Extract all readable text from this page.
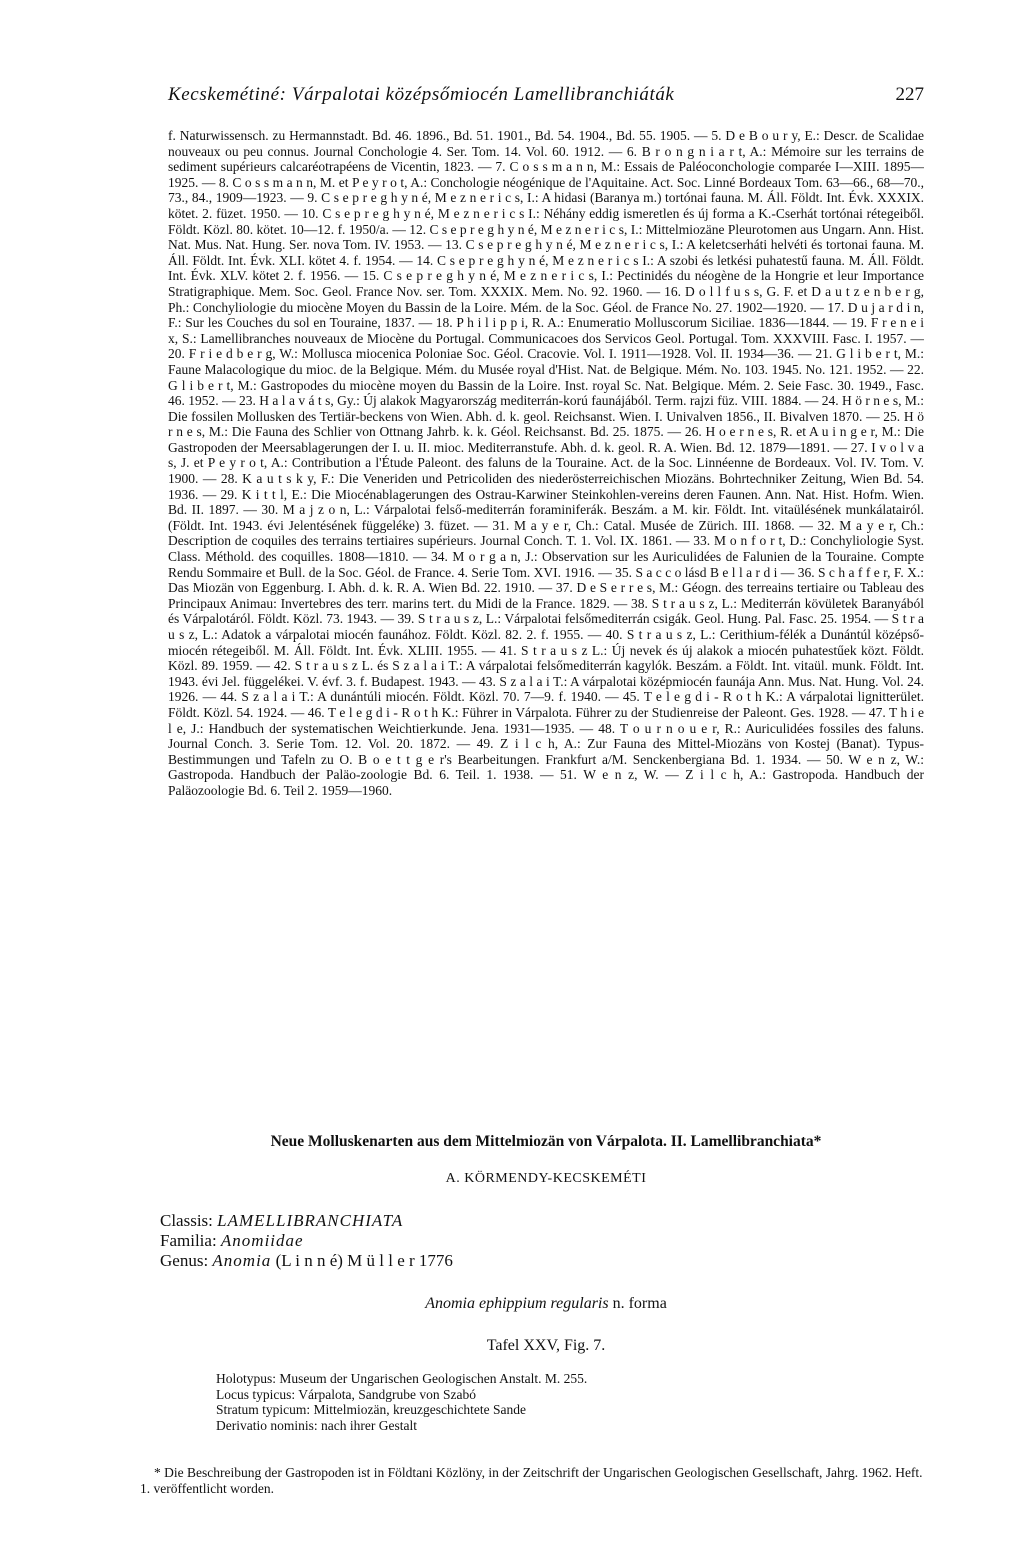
Kecskemétiné: Várpalotai középsőmiocén Lamellibranchiáták	227

f. Naturwissensch. zu Hermannstadt. Bd. 46. 1896., Bd. 51. 1901., Bd. 54. 1904., Bd. 55. 1905. — 5. D e B o u r y, E.: Descr. de Scalidae nouveaux ou peu connus. Journal Conchologie 4. Ser. Tom. 14. Vol. 60. 1912. — 6. B r o n g n i a r t, A.: Mémoire sur les terrains de sediment supérieurs calcaréotrapéens de Vicentin, 1823. — 7. C o s s m a n n, M.: Essais de Paléoconchologie comparée I—XIII. 1895—1925. — 8. C o s s m a n n, M. et P e y r o t, A.: Conchologie néogénique de l'Aquitaine. Act. Soc. Linné Bordeaux Tom. 63—66., 68—70., 73., 84., 1909—1923. — 9. C s e p r e g h y n é, M e z n e r i c s, I.: A hidasi (Baranya m.) tortónai fauna. M. Áll. Földt. Int. Évk. XXXIX. kötet. 2. füzet. 1950. — 10. C s e p r e g h y n é, M e z n e r i c s I.: Néhány eddig ismeretlen és új forma a K.-Cserhát tortónai rétegeiből. Földt. Közl. 80. kötet. 10—12. f. 1950/a. — 12. C s e p r e g h y n é, M e z n e r i c s, I.: Mittelmiozäne Pleurotomen aus Ungarn. Ann. Hist. Nat. Mus. Nat. Hung. Ser. nova Tom. IV. 1953. — 13. C s e p r e g h y n é, M e z n e r i c s, I.: A keletcserháti helvéti és tortonai fauna. M. Áll. Földt. Int. Évk. XLI. kötet 4. f. 1954. — 14. C s e p r e g h y n é, M e z n e r i c s I.: A szobi és letkési puhatestű fauna. M. Áll. Földt. Int. Évk. XLV. kötet 2. f. 1956. — 15. C s e p r e g h y n é, M e z n e r i c s, I.: Pectinidés du néogène de la Hongrie et leur Importance Stratigraphique. Mem. Soc. Geol. France Nov. ser. Tom. XXXIX. Mem. No. 92. 1960. — 16. D o l l f u s s, G. F. et D a u t z e n b e r g, Ph.: Conchyliologie du miocène Moyen du Bassin de la Loire. Mém. de la Soc. Géol. de France No. 27. 1902—1920. — 17. D u j a r d i n, F.: Sur les Couches du sol en Touraine, 1837. — 18. P h i l i p p i, R. A.: Enumeratio Molluscorum Siciliae. 1836—1844. — 19. F r e n e i x, S.: Lamellibranches nouveaux de Miocène du Portugal. Communicacoes dos Servicos Geol. Portugal. Tom. XXXVIII. Fasc. I. 1957. — 20. F r i e d b e r g, W.: Mollusca miocenica Poloniae Soc. Géol. Cracovie. Vol. I. 1911—1928. Vol. II. 1934—36. — 21. G l i b e r t, M.: Faune Malacologique du mioc. de la Belgique. Mém. du Musée royal d'Hist. Nat. de Belgique. Mém. No. 103. 1945. No. 121. 1952. — 22. G l i b e r t, M.: Gastropodes du miocène moyen du Bassin de la Loire. Inst. royal Sc. Nat. Belgique. Mém. 2. Seie Fasc. 30. 1949., Fasc. 46. 1952. — 23. H a l a v á t s, Gy.: Új alakok Magyarország mediterrán-korú faunájából. Term. rajzi füz. VIII. 1884. — 24. H ö r n e s, M.: Die fossilen Mollusken des Tertiär-beckens von Wien. Abh. d. k. geol. Reichsanst. Wien. I. Univalven 1856., II. Bivalven 1870. — 25. H ö r n e s, M.: Die Fauna des Schlier von Ottnang Jahrb. k. k. Géol. Reichsanst. Bd. 25. 1875. — 26. H o e r n e s, R. et A u i n g e r, M.: Die Gastropoden der Meersablagerungen der I. u. II. mioc. Mediterranstufe. Abh. d. k. geol. R. A. Wien. Bd. 12. 1879—1891. — 27. I v o l v a s, J. et P e y r o t, A.: Contribution a l'Étude Paleont. des faluns de la Touraine. Act. de la Soc. Linnéenne de Bordeaux. Vol. IV. Tom. V. 1900. — 28. K a u t s k y, F.: Die Veneriden und Petricoliden des niederösterreichischen Miozäns. Bohrtechniker Zeitung, Wien Bd. 54. 1936. — 29. K i t t l, E.: Die Miocénablagerungen des Ostrau-Karwiner Steinkohlen-vereins deren Faunen. Ann. Nat. Hist. Hofm. Wien. Bd. II. 1897. — 30. M a j z o n, L.: Várpalotai felső-mediterrán foraminiferák. Beszám. a M. kir. Földt. Int. vitaülésének munkálatairól. (Földt. Int. 1943. évi Jelentésének függeléke) 3. füzet. — 31. M a y e r, Ch.: Catal. Musée de Zürich. III. 1868. — 32. M a y e r, Ch.: Description de coquiles des terrains tertiaires supérieurs. Journal Conch. T. 1. Vol. IX. 1861. — 33. M o n f o r t, D.: Conchyliologie Syst. Class. Méthold. des coquilles. 1808—1810. — 34. M o r g a n, J.: Observation sur les Auriculidées de Falunien de la Touraine. Compte Rendu Sommaire et Bull. de la Soc. Géol. de France. 4. Serie Tom. XVI. 1916. — 35. S a c c o lásd B e l l a r d i — 36. S c h a f f e r, F. X.: Das Miozän von Eggenburg. I. Abh. d. k. R. A. Wien Bd. 22. 1910. — 37. D e S e r r e s, M.: Géogn. des terreains tertiaire ou Tableau des Principaux Animau: Invertebres des terr. marins tert. du Midi de la France. 1829. — 38. S t r a u s z, L.: Mediterrán kövületek Baranyából és Várpalotáról. Földt. Közl. 73. 1943. — 39. S t r a u s z, L.: Várpalotai felsőmediterrán csigák. Geol. Hung. Pal. Fasc. 25. 1954. — S t r a u s z, L.: Adatok a várpalotai miocén faunához. Földt. Közl. 82. 2. f. 1955. — 40. S t r a u s z, L.: Cerithium-félék a Dunántúl középső-miocén rétegeiből. M. Áll. Földt. Int. Évk. XLIII. 1955. — 41. S t r a u s z L.: Új nevek és új alakok a miocén puhatestűek közt. Földt. Közl. 89. 1959. — 42. S t r a u s z L. és S z a l a i T.: A várpalotai felsőmediterrán kagylók. Beszám. a Földt. Int. vitaül. munk. Földt. Int. 1943. évi Jel. függelékei. V. évf. 3. f. Budapest. 1943. — 43. S z a l a i T.: A várpalotai középmiocén faunája Ann. Mus. Nat. Hung. Vol. 24. 1926. — 44. S z a l a i T.: A dunántúli miocén. Földt. Közl. 70. 7—9. f. 1940. — 45. T e l e g d i - R o t h K.: A várpalotai lignitterület. Földt. Közl. 54. 1924. — 46. T e l e g d i - R o t h K.: Führer in Várpalota. Führer zu der Studienreise der Paleont. Ges. 1928. — 47. T h i e l e, J.: Handbuch der systematischen Weichtierkunde. Jena. 1931—1935. — 48. T o u r n o u e r, R.: Auriculidées fossiles des faluns. Journal Conch. 3. Serie Tom. 12. Vol. 20. 1872. — 49. Z i l c h, A.: Zur Fauna des Mittel-Miozäns von Kostej (Banat). Typus-Bestimmungen und Tafeln zu O. B o e t t g e r's Bearbeitungen. Frankfurt a/M. Senckenbergiana Bd. 1. 1934. — 50. W e n z, W.: Gastropoda. Handbuch der Paläo-zoologie Bd. 6. Teil. 1. 1938. — 51. W e n z, W. — Z i l c h, A.: Gastropoda. Handbuch der Paläozoologie Bd. 6. Teil 2. 1959—1960.

Neue Molluskenarten aus dem Mittelmiozän von Várpalota. II. Lamellibranchiata*
A. KÖRMENDY-KECSKEMÉTI
Classis: LAMELLIBRANCHIATA
Familia: Anomiidae
Genus: Anomia (L i n n é) M ü l l e r 1776
Anomia ephippium regularis n. forma
Tafel XXV, Fig. 7.
Holotypus: Museum der Ungarischen Geologischen Anstalt. M. 255.
Locus typicus: Várpalota, Sandgrube von Szabó
Stratum typicum: Mittelmiozän, kreuzgeschichtete Sande
Derivatio nominis: nach ihrer Gestalt
* Die Beschreibung der Gastropoden ist in Földtani Közlöny, in der Zeitschrift der Ungarischen Geologischen Gesellschaft, Jahrg. 1962. Heft. 1. veröffentlicht worden.
